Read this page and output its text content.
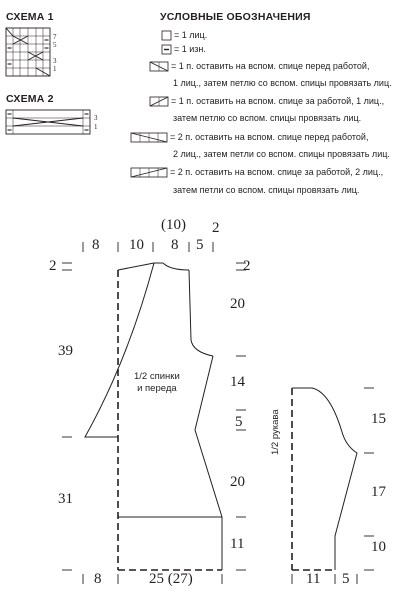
СХЕМА 1
7
5
3
1
СХЕМА 2
3
1
УСЛОВНЫЕ ОБОЗНАЧЕНИЯ
= 1 лиц.
= 1 изн.
= 1 п. оставить на вспом. спице перед работой,
1 лиц., затем петлю со вспом. спицы провязать лиц.
= 1 п. оставить на вспом. спице за работой, 1 лиц.,
затем петлю со вспом. спицы провязать лиц.
= 2 п. оставить на вспом. спице перед работой,
2 лиц., затем петли со вспом. спицы провязать лиц.
= 2 п. оставить на вспом. спице за работой, 2 лиц.,
затем петли со вспом. спицы провязать лиц.
(10)
8 10 8 5
2
2
39
31
2
20
14
5
20
11
8	25 (27)
1/2 спинки
и переда
1/2 рукава	15
17
10
11 5
